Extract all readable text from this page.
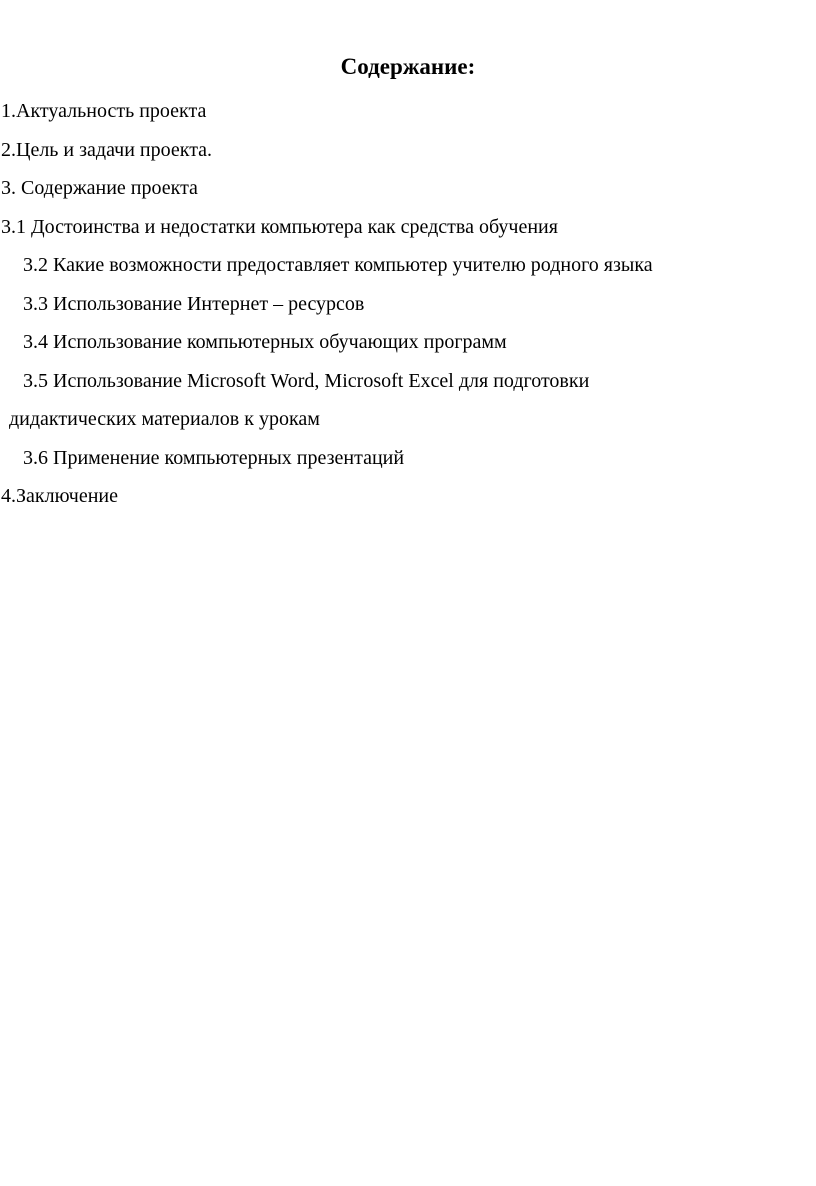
Содержание:
1.Актуальность проекта
2.Цель и задачи проекта.
3. Содержание проекта
3.1 Достоинства и недостатки компьютера как средства обучения
3.2 Какие возможности предоставляет компьютер учителю родного языка
3.3 Использование Интернет – ресурсов
3.4 Использование компьютерных обучающих программ
3.5 Использование Microsoft Word, Microsoft Excel для подготовки
дидактических материалов к урокам
3.6 Применение компьютерных презентаций
4.Заключение
